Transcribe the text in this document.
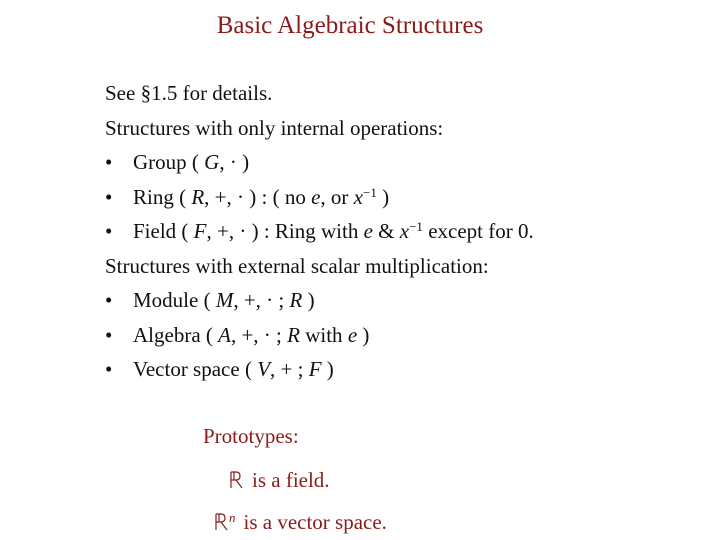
Basic Algebraic Structures
See §1.5 for details.
Structures with only internal operations:
• Group ( G, · )
• Ring ( R, +, · ) : ( no e, or $x^{-1}$ )
• Field ( F, +, · ) : Ring with e & $x^{-1}$ except for 0.
Structures with external scalar multiplication:
• Module ( M, +, · ; R )
• Algebra ( A, +, · ; R with e )
• Vector space ( V, + ; F )
Prototypes:
is a field.
$^n$ is a vector space.
